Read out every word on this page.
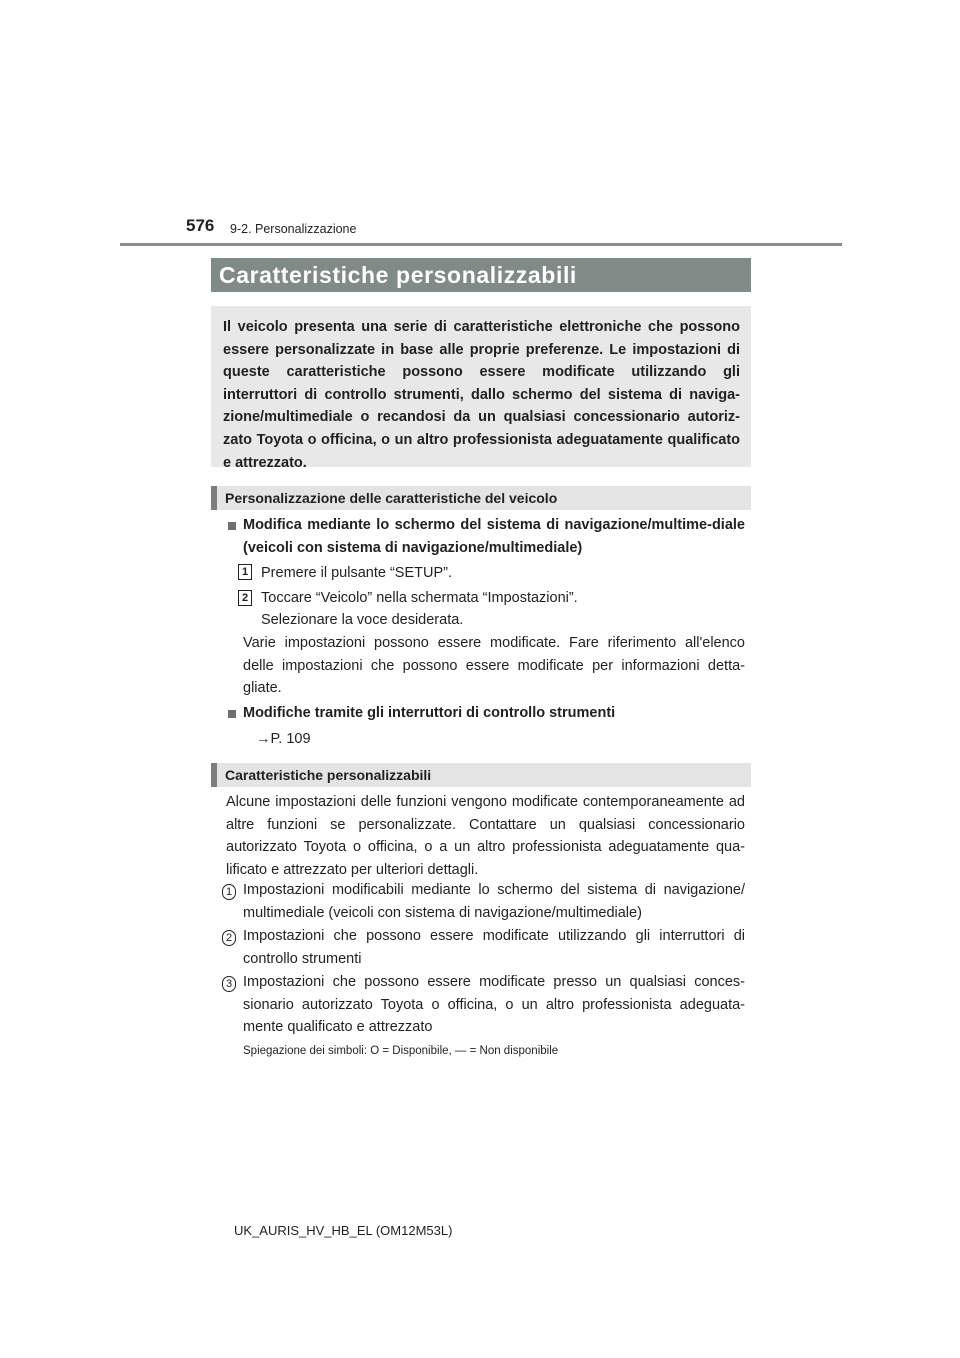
576 9-2. Personalizzazione
Caratteristiche personalizzabili
Il veicolo presenta una serie di caratteristiche elettroniche che possono essere personalizzate in base alle proprie preferenze. Le impostazioni di queste caratteristiche possono essere modificate utilizzando gli interruttori di controllo strumenti, dallo schermo del sistema di naviga-zione/multimediale o recandosi da un qualsiasi concessionario autoriz-zato Toyota o officina, o un altro professionista adeguatamente qualificato e attrezzato.
Personalizzazione delle caratteristiche del veicolo
Modifica mediante lo schermo del sistema di navigazione/multime-diale (veicoli con sistema di navigazione/multimediale)
1 Premere il pulsante “SETUP”.
2 Toccare “Veicolo” nella schermata “Impostazioni”.
Selezionare la voce desiderata.
Varie impostazioni possono essere modificate. Fare riferimento all'elenco delle impostazioni che possono essere modificate per informazioni detta-gliate.
Modifiche tramite gli interruttori di controllo strumenti
→P. 109
Caratteristiche personalizzabili
Alcune impostazioni delle funzioni vengono modificate contemporaneamente ad altre funzioni se personalizzate. Contattare un qualsiasi concessionario autorizzato Toyota o officina, o a un altro professionista adeguatamente qua-lificato e attrezzato per ulteriori dettagli.
1 Impostazioni modificabili mediante lo schermo del sistema di navigazione/ multimediale (veicoli con sistema di navigazione/multimediale)
2 Impostazioni che possono essere modificate utilizzando gli interruttori di controllo strumenti
3 Impostazioni che possono essere modificate presso un qualsiasi conces-sionario autorizzato Toyota o officina, o un altro professionista adeguata-mente qualificato e attrezzato
Spiegazione dei simboli: O = Disponibile, — = Non disponibile
UK_AURIS_HV_HB_EL (OM12M53L)
